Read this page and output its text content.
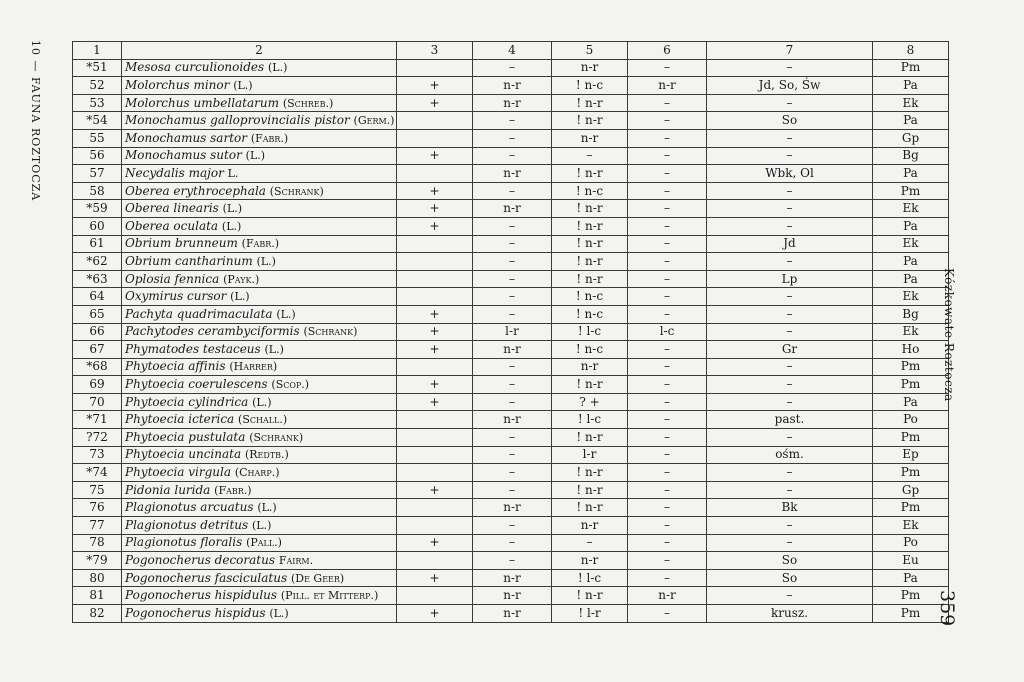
10 — FAUNA ROZTOCZA	1	2	3	4	5	6	7	8
*51	Mesosa curculionoides (L.)		–	n-r	–	–	Pm
52	Molorchus minor (L.)	+	n-r	! n-c	n-r	Jd, So, Św	Pa
53	Molorchus umbellatarum (Schreb.)	+	n-r	! n-r	–	–	Ek
*54	Monochamus galloprovincialis pistor (Germ.)		–	! n-r	–	So	Pa
55	Monochamus sartor (Fabr.)		–	n-r	–	–	Gp
56	Monochamus sutor (L.)	+	–	–	–	–	Bg
57	Necydalis major L.		n-r	! n-r	–	Wbk, Ol	Pa
58	Oberea erythrocephala (Schrank)	+	–	! n-c	–	–	Pm
*59	Oberea linearis (L.)	+	n-r	! n-r	–	–	Ek
60	Oberea oculata (L.)	+	–	! n-r	–	–	Pa
61	Obrium brunneum (Fabr.)		–	! n-r	–	Jd	Ek
*62	Obrium cantharinum (L.)		–	! n-r	–	–	Pa
*63	Oplosia fennica (Payk.)		–	! n-r	–	Lp	Pa
64	Oxymirus cursor (L.)		–	! n-c	–	–	Ek
65	Pachyta quadrimaculata (L.)	+	–	! n-c	–	–	Bg
66	Pachytodes cerambyciformis (Schrank)	+	l-r	! l-c	l-c	–	Ek
67	Phymatodes testaceus (L.)	+	n-r	! n-c	–	Gr	Ho
*68	Phytoecia affinis (Harrer)		–	n-r	–	–	Pm
69	Phytoecia coerulescens (Scop.)	+	–	! n-r	–	–	Pm
70	Phytoecia cylindrica (L.)	+	–	? +	–	–	Pa
*71	Phytoecia icterica (Schall.)		n-r	! l-c	–	past.	Po
?72	Phytoecia pustulata (Schrank)		–	! n-r	–	–	Pm
73	Phytoecia uncinata (Redtb.)		–	l-r	–	ośm.	Ep
*74	Phytoecia virgula (Charp.)		–	! n-r	–	–	Pm
75	Pidonia lurida (Fabr.)	+	–	! n-r	–	–	Gp
76	Plagionotus arcuatus (L.)		n-r	! n-r	–	Bk	Pm
77	Plagionotus detritus (L.)		–	n-r	–	–	Ek
78	Plagionotus floralis (Pall.)	+	–	–	–	–	Po
*79	Pogonocherus decoratus Fairm.		–	n-r	–	So	Eu
80	Pogonocherus fasciculatus (De Geer)	+	n-r	! l-c	–	So	Pa
81	Pogonocherus hispidulus (Pill. et Mitterp.)		n-r	! n-r	n-r	–	Pm
82	Pogonocherus hispidus (L.)	+	n-r	! l-r	–	krusz.	Pm
Kózkowate Roztocza
359
